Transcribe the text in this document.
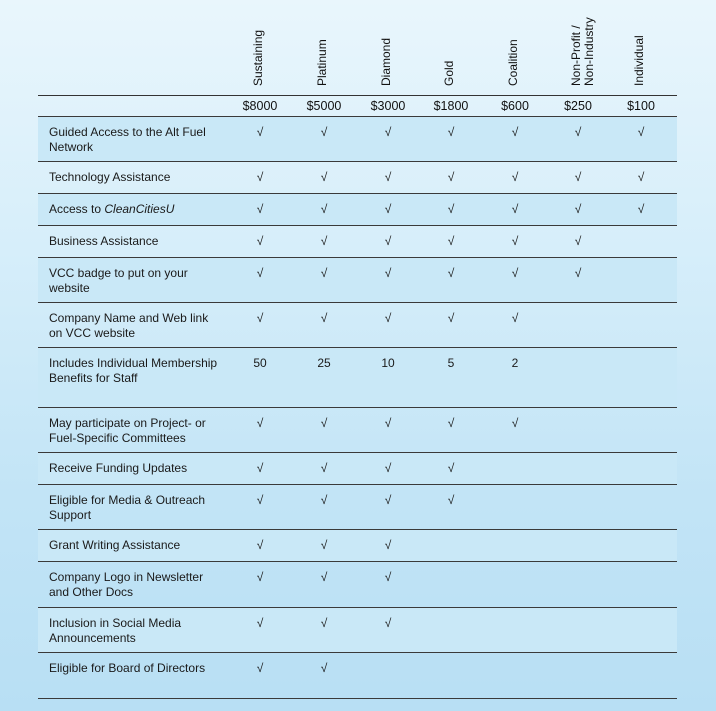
Sustaining
$8000
Platinum
$5000
Diamond
$3000
Gold
$1800
Coalition
$600
Non-Profit /
Non-Industry
$250
Individual
$100
Guided Access to the Alt Fuel Network
√	√	√	√	√	√	√
Technology Assistance	√	√	√	√	√	√	√
Access to CleanCitiesU	√	√	√	√	√	√	√
Business Assistance	√	√	√	√	√	√
VCC badge to put on your website
√	√	√	√	√	√
Company Name and Web link on VCC website
√	√	√	√	√
Includes Individual Membership Benefits for Staff
50	25	10	5	2
May participate on Project- or Fuel-Specific Committees
√	√	√	√	√
Receive Funding Updates	√	√	√	√
Eligible for Media & Outreach Support
√	√	√	√
Grant Writing Assistance	√	√	√
Company Logo in Newsletter and Other Docs
√	√	√
Inclusion in Social Media Announcements
√	√	√
Eligible for Board of Directors	√	√
